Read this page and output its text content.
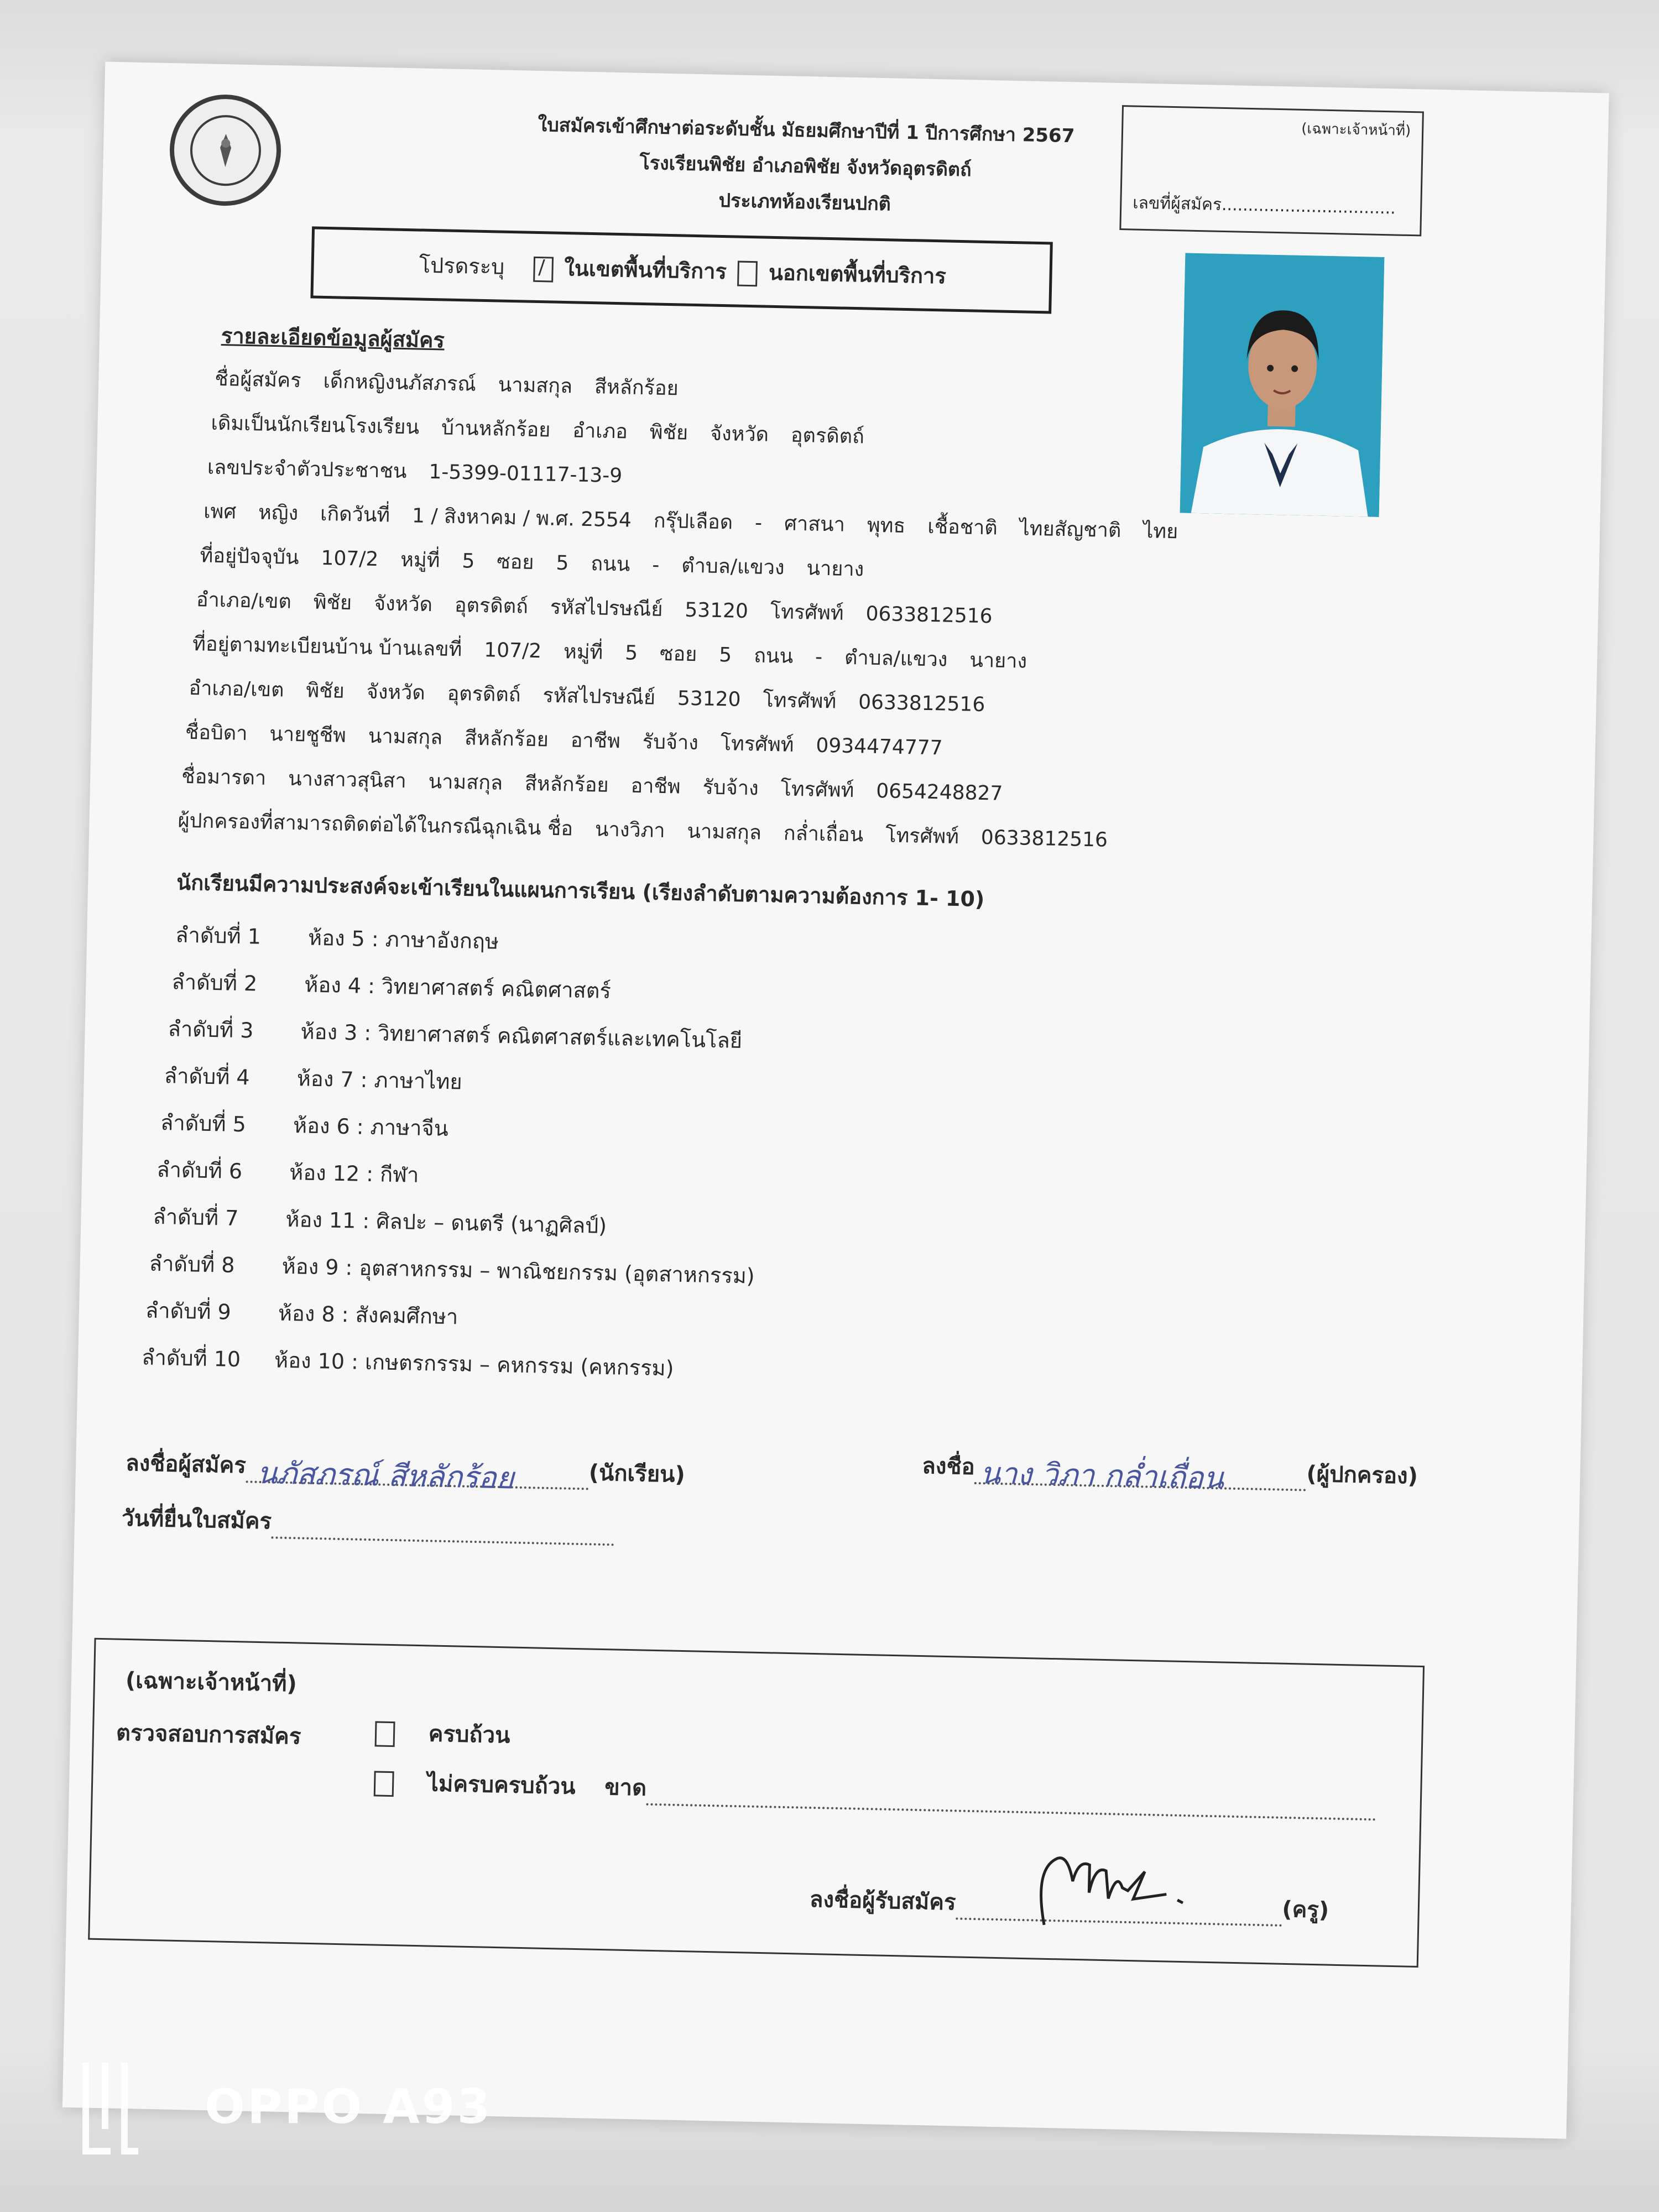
ใบสมัครเข้าศึกษาต่อระดับชั้น มัธยมศึกษาปีที่ 1 ปีการศึกษา 2567
โรงเรียนพิชัย อำเภอพิชัย จังหวัดอุตรดิตถ์
ประเภทห้องเรียนปกติ
(เฉพาะเจ้าหน้าที่)
เลขที่ผู้สมัคร.................................
โปรดระบุ /	ในเขตพื้นที่บริการ นอกเขตพื้นที่บริการ
รายละเอียดข้อมูลผู้สมัคร
ชื่อผู้สมัคร เด็กหญิงนภัสภรณ์ นามสกุล สีหลักร้อย
เดิมเป็นนักเรียนโรงเรียน บ้านหลักร้อย อำเภอ พิชัย จังหวัด อุตรดิตถ์
เลขประจำตัวประชาชน 1-5399-01117-13-9
เพศ หญิง เกิดวันที่ 1 / สิงหาคม / พ.ศ. 2554 กรุ๊ปเลือด - ศาสนา พุทธ เชื้อชาติ ไทยสัญชาติ ไทย
ที่อยู่ปัจจุบัน 107/2 หมู่ที่ 5 ซอย 5 ถนน - ตำบล/แขวง นายาง
อำเภอ/เขต พิชัย จังหวัด อุตรดิตถ์ รหัสไปรษณีย์ 53120 โทรศัพท์ 0633812516
ที่อยู่ตามทะเบียนบ้าน บ้านเลขที่ 107/2 หมู่ที่ 5 ซอย 5 ถนน - ตำบล/แขวง นายาง
อำเภอ/เขต พิชัย จังหวัด อุตรดิตถ์ รหัสไปรษณีย์ 53120 โทรศัพท์ 0633812516
ชื่อบิดา นายชูชีพ นามสกุล สีหลักร้อย อาชีพ รับจ้าง โทรศัพท์ 0934474777
ชื่อมารดา นางสาวสุนิสา นามสกุล สีหลักร้อย อาชีพ รับจ้าง โทรศัพท์ 0654248827
ผู้ปกครองที่สามารถติดต่อได้ในกรณีฉุกเฉิน ชื่อ นางวิภา นามสกุล กล่ำเถื่อน โทรศัพท์ 0633812516
นักเรียนมีความประสงค์จะเข้าเรียนในแผนการเรียน (เรียงลำดับตามความต้องการ 1- 10)
ลำดับที่ 1 ห้อง 5 : ภาษาอังกฤษ
ลำดับที่ 2 ห้อง 4 : วิทยาศาสตร์ คณิตศาสตร์
ลำดับที่ 3 ห้อง 3 : วิทยาศาสตร์ คณิตศาสตร์และเทคโนโลยี
ลำดับที่ 4 ห้อง 7 : ภาษาไทย
ลำดับที่ 5 ห้อง 6 : ภาษาจีน
ลำดับที่ 6 ห้อง 12 : กีฬา
ลำดับที่ 7 ห้อง 11 : ศิลปะ – ดนตรี (นาฏศิลป์)
ลำดับที่ 8 ห้อง 9 : อุตสาหกรรม – พาณิชยกรรม (อุตสาหกรรม)
ลำดับที่ 9 ห้อง 8 : สังคมศึกษา
ลำดับที่ 10 ห้อง 10 : เกษตรกรรม – คหกรรม (คหกรรม)
ลงชื่อผู้สมัคร นภัสภรณ์ สีหลักร้อย	(นักเรียน)	ลงชื่อ นาง วิภา กล่ำเถื่อน	(ผู้ปกครอง)
วันที่ยื่นใบสมัคร
(เฉพาะเจ้าหน้าที่)
ตรวจสอบการสมัคร	ครบถ้วน
ไม่ครบครบถ้วน ขาด
ลงชื่อผู้รับสมัคร	(ครู)
OPPO A93
